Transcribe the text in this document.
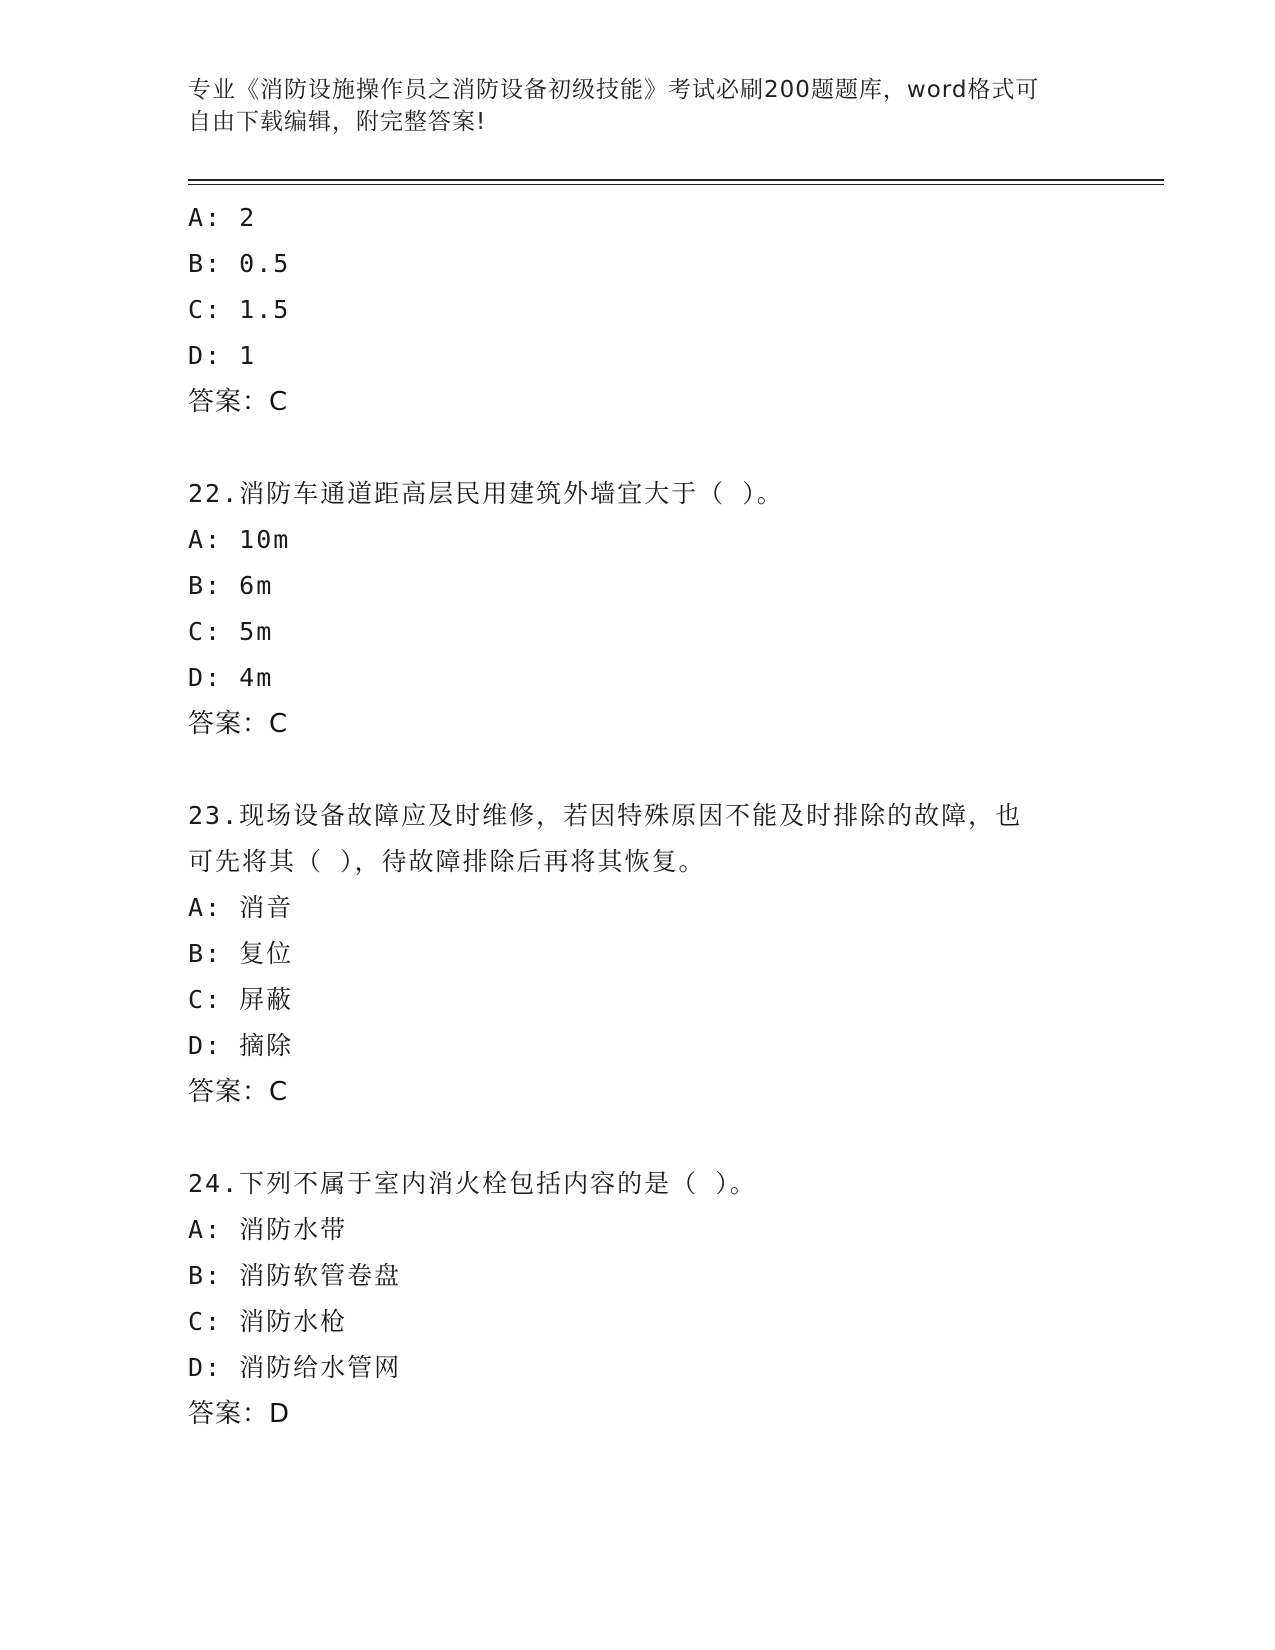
专业《消防设施操作员之消防设备初级技能》考试必刷200题题库，word格式可
自由下载编辑，附完整答案!
A: 2
B: 0.5
C: 1.5
D: 1
答案：C
22.消防车通道距高层民用建筑外墙宜大于（ ）。
A: 10m
B: 6m
C: 5m
D: 4m
答案：C
23.现场设备故障应及时维修，若因特殊原因不能及时排除的故障，也
可先将其（ ），待故障排除后再将其恢复。
A: 消音
B: 复位
C: 屏蔽
D: 摘除
答案：C
24.下列不属于室内消火栓包括内容的是（ ）。
A: 消防水带
B: 消防软管卷盘
C: 消防水枪
D: 消防给水管网
答案：D
